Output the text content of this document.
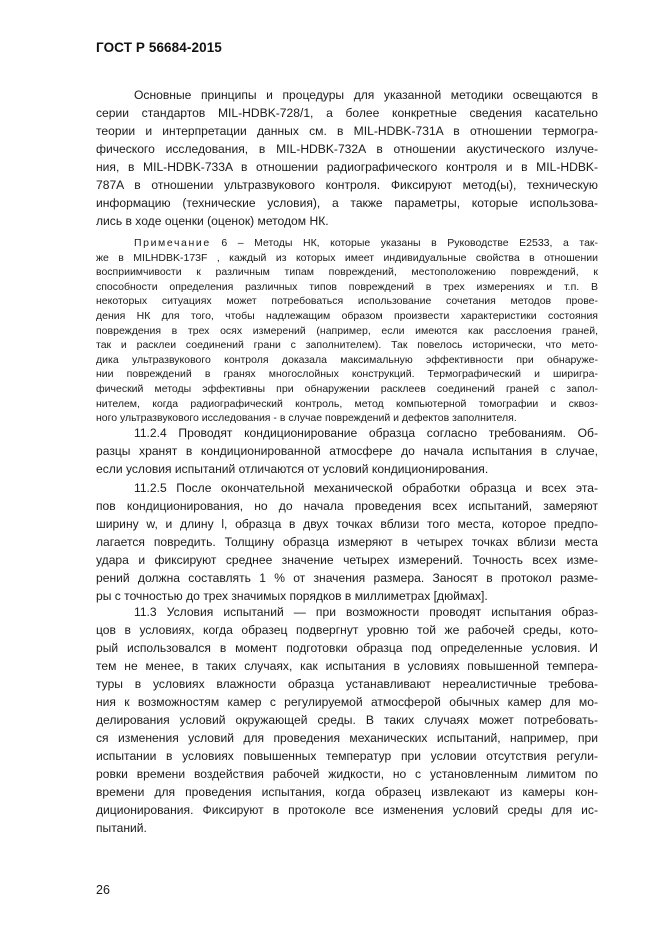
ГОСТ Р 56684-2015
Основные принципы и процедуры для указанной методики освещаются в
серии стандартов MIL-HDBK-728/1, а более конкретные сведения касательно
теории и интерпретации данных см. в MIL-HDBK-731A в отношении термогра-
фического исследования, в MIL-HDBK-732A в отношении акустического излуче-
ния, в MIL-HDBK-733A в отношении радиографического контроля и в MIL-HDBK-
787A в отношении ультразвукового контроля. Фиксируют метод(ы), техническую
информацию (технические условия), а также параметры, которые использова-
лись в ходе оценки (оценок) методом НК.
Примечание 6 – Методы НК, которые указаны в Руководстве Е2533, а так-
же в MILHDBK-173F , каждый из которых имеет индивидуальные свойства в отношении
восприимчивости к различным типам повреждений, местоположению повреждений, к
способности определения различных типов повреждений в трех измерениях и т.п. В
некоторых ситуациях может потребоваться использование сочетания методов прове-
дения НК для того, чтобы надлежащим образом произвести характеристики состояния
повреждения в трех осях измерений (например, если имеются как расслоения граней,
так и расклеи соединений грани с заполнителем). Так повелось исторически, что мето-
дика ультразвукового контроля доказала максимальную эффективности при обнаруже-
нии повреждений в гранях многослойных конструкций. Термографический и ширигра-
фический методы эффективны при обнаружении расклеев соединений граней с запол-
нителем, когда радиографический контроль, метод компьютерной томографии и сквоз-
ного ультразвукового исследования - в случае повреждений и дефектов заполнителя.
11.2.4 Проводят кондиционирование образца согласно требованиям. Об-
разцы хранят в кондиционированной атмосфере до начала испытания в случае,
если условия испытаний отличаются от условий кондиционирования.
11.2.5 После окончательной механической обработки образца и всех эта-
пов кондиционирования, но до начала проведения всех испытаний, замеряют
ширину w, и длину l, образца в двух точках вблизи того места, которое предпо-
лагается повредить. Толщину образца измеряют в четырех точках вблизи места
удара и фиксируют среднее значение четырех измерений. Точность всех изме-
рений должна составлять 1 % от значения размера. Заносят в протокол разме-
ры с точностью до трех значимых порядков в миллиметрах [дюймах].
11.3 Условия испытаний — при возможности проводят испытания образ-
цов в условиях, когда образец подвергнут уровню той же рабочей среды, кото-
рый использовался в момент подготовки образца под определенные условия. И
тем не менее, в таких случаях, как испытания в условиях повышенной темпера-
туры в условиях влажности образца устанавливают нереалистичные требова-
ния к возможностям камер с регулируемой атмосферой обычных камер для мо-
делирования условий окружающей среды. В таких случаях может потребовать-
ся изменения условий для проведения механических испытаний, например, при
испытании в условиях повышенных температур при условии отсутствия регули-
ровки времени воздействия рабочей жидкости, но с установленным лимитом по
времени для проведения испытания, когда образец извлекают из камеры кон-
диционирования. Фиксируют в протоколе все изменения условий среды для ис-
пытаний.
26
